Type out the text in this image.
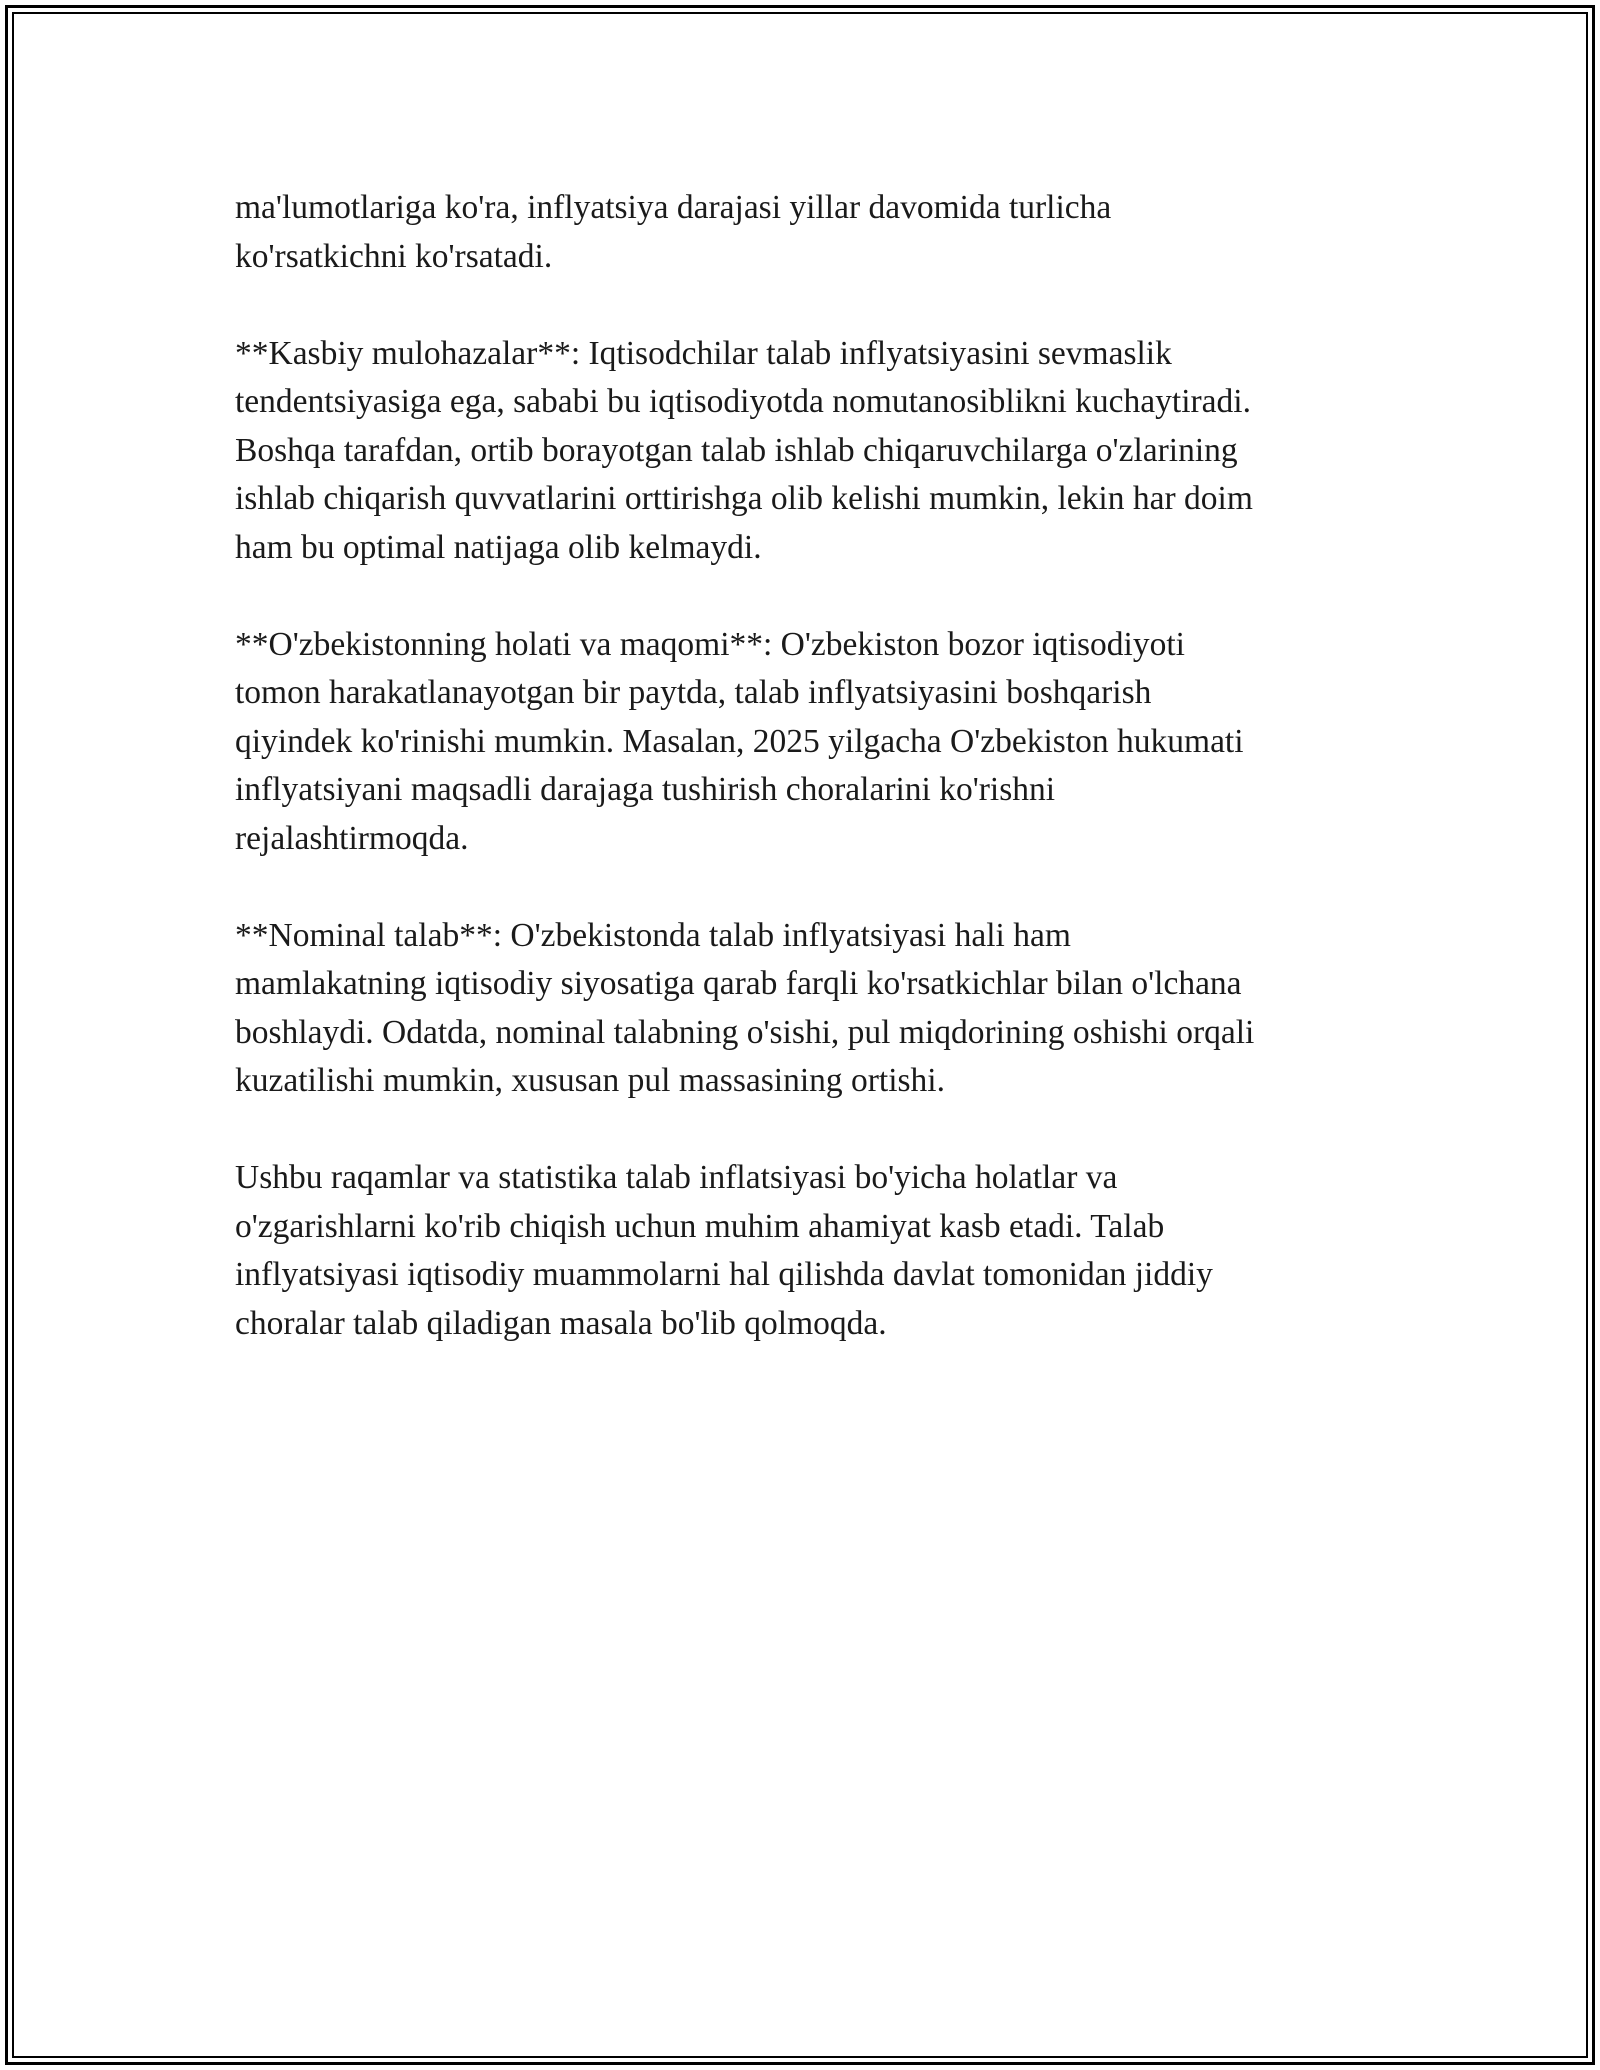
ma'lumotlariga ko'ra, inflyatsiya darajasi yillar davomida turlicha
ko'rsatkichni ko'rsatadi.

**Kasbiy mulohazalar**: Iqtisodchilar talab inflyatsiyasini sevmaslik
tendentsiyasiga ega, sababi bu iqtisodiyotda nomutanosiblikni kuchaytiradi.
Boshqa tarafdan, ortib borayotgan talab ishlab chiqaruvchilarga o'zlarining
ishlab chiqarish quvvatlarini orttirishga olib kelishi mumkin, lekin har doim
ham bu optimal natijaga olib kelmaydi.

**O'zbekistonning holati va maqomi**: O'zbekiston bozor iqtisodiyoti
tomon harakatlanayotgan bir paytda, talab inflyatsiyasini boshqarish
qiyindek ko'rinishi mumkin. Masalan, 2025 yilgacha O'zbekiston hukumati
inflyatsiyani maqsadli darajaga tushirish choralarini ko'rishni
rejalashtirmoqda.

**Nominal talab**: O'zbekistonda talab inflyatsiyasi hali ham
mamlakatning iqtisodiy siyosatiga qarab farqli ko'rsatkichlar bilan o'lchana
boshlaydi. Odatda, nominal talabning o'sishi, pul miqdorining oshishi orqali
kuzatilishi mumkin, xususan pul massasining ortishi.

Ushbu raqamlar va statistika talab inflatsiyasi bo'yicha holatlar va
o'zgarishlarni ko'rib chiqish uchun muhim ahamiyat kasb etadi. Talab
inflyatsiyasi iqtisodiy muammolarni hal qilishda davlat tomonidan jiddiy
choralar talab qiladigan masala bo'lib qolmoqda.
